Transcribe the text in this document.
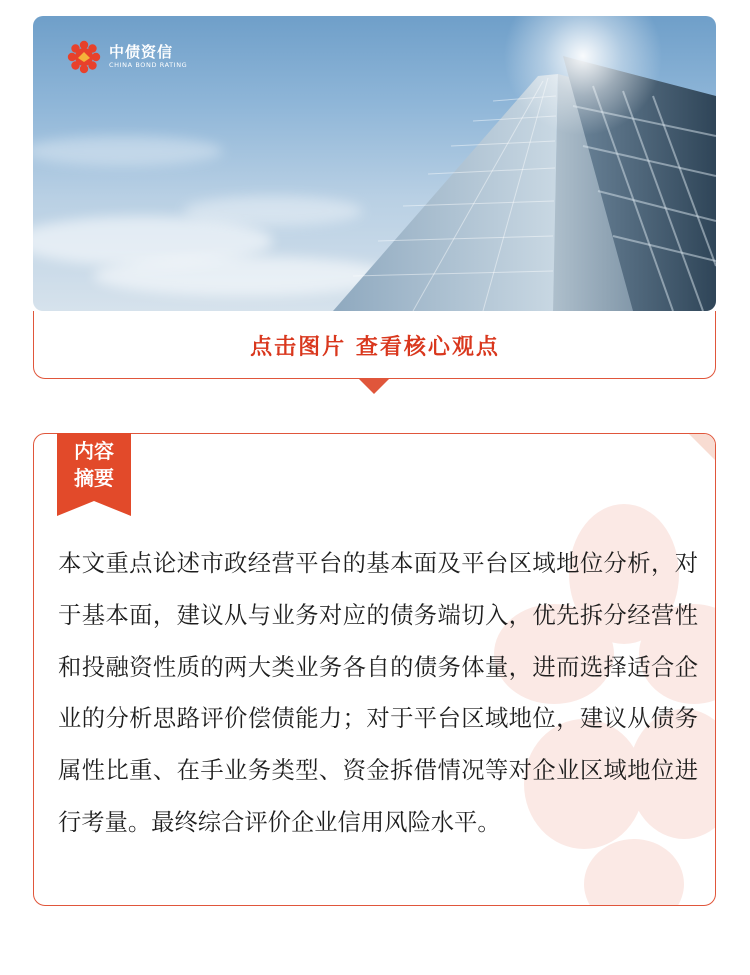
中债资信
CHINA BOND RATING
点击图片 查看核心观点
内容
摘要
本文重点论述市政经营平台的基本面及平台区域地位分析，对于基本面，建议从与业务对应的债务端切入，优先拆分经营性和投融资性质的两大类业务各自的债务体量，进而选择适合企业的分析思路评价偿债能力；对于平台区域地位，建议从债务属性比重、在手业务类型、资金拆借情况等对企业区域地位进行考量。最终综合评价企业信用风险水平。
